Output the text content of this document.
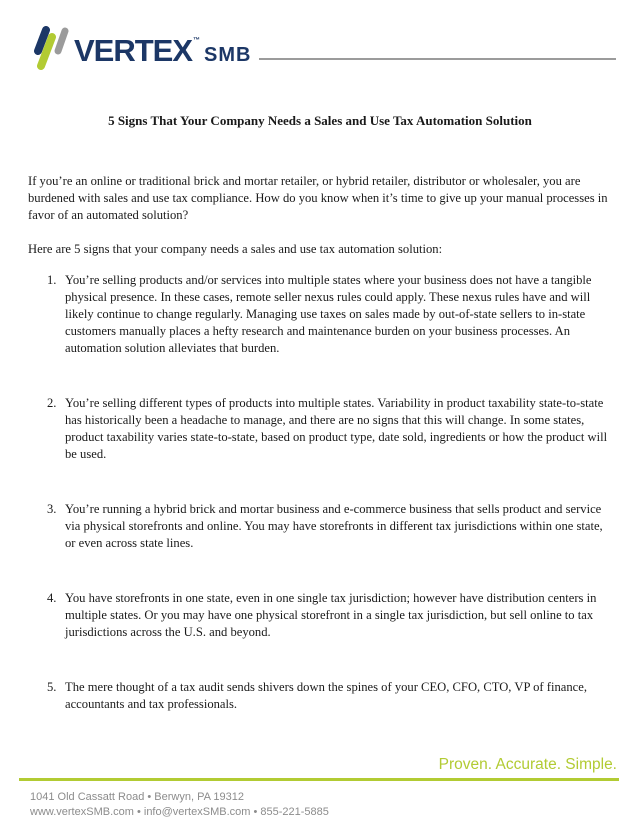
VERTEX™
SMB
5 Signs That Your Company Needs a Sales and Use Tax Automation Solution
If you’re an online or traditional brick and mortar retailer, or hybrid retailer, distributor or wholesaler, you are burdened with sales and use tax compliance. How do you know when it’s time to give up your manual processes in favor of an automated solution?
Here are 5 signs that your company needs a sales and use tax automation solution:
1. You’re selling products and/or services into multiple states where your business does not have a tangible physical presence. In these cases, remote seller nexus rules could apply. These nexus rules have and will likely continue to change regularly. Managing use taxes on sales made by out-of-state sellers to in-state customers manually places a hefty research and maintenance burden on your business processes. An automation solution alleviates that burden.
2. You’re selling different types of products into multiple states. Variability in product taxability state-to-state has historically been a headache to manage, and there are no signs that this will change. In some states, product taxability varies state-to-state, based on product type, date sold, ingredients or how the product will be used.
3. You’re running a hybrid brick and mortar business and e-commerce business that sells product and service via physical storefronts and online. You may have storefronts in different tax jurisdictions within one state, or even across state lines.
4. You have storefronts in one state, even in one single tax jurisdiction; however have distribution centers in multiple states. Or you may have one physical storefront in a single tax jurisdiction, but sell online to tax jurisdictions across the U.S. and beyond.
5. The mere thought of a tax audit sends shivers down the spines of your CEO, CFO, CTO, VP of finance, accountants and tax professionals.
Proven. Accurate. Simple.
1041 Old Cassatt Road • Berwyn, PA 19312
www.vertexSMB.com • info@vertexSMB.com • 855-221-5885
